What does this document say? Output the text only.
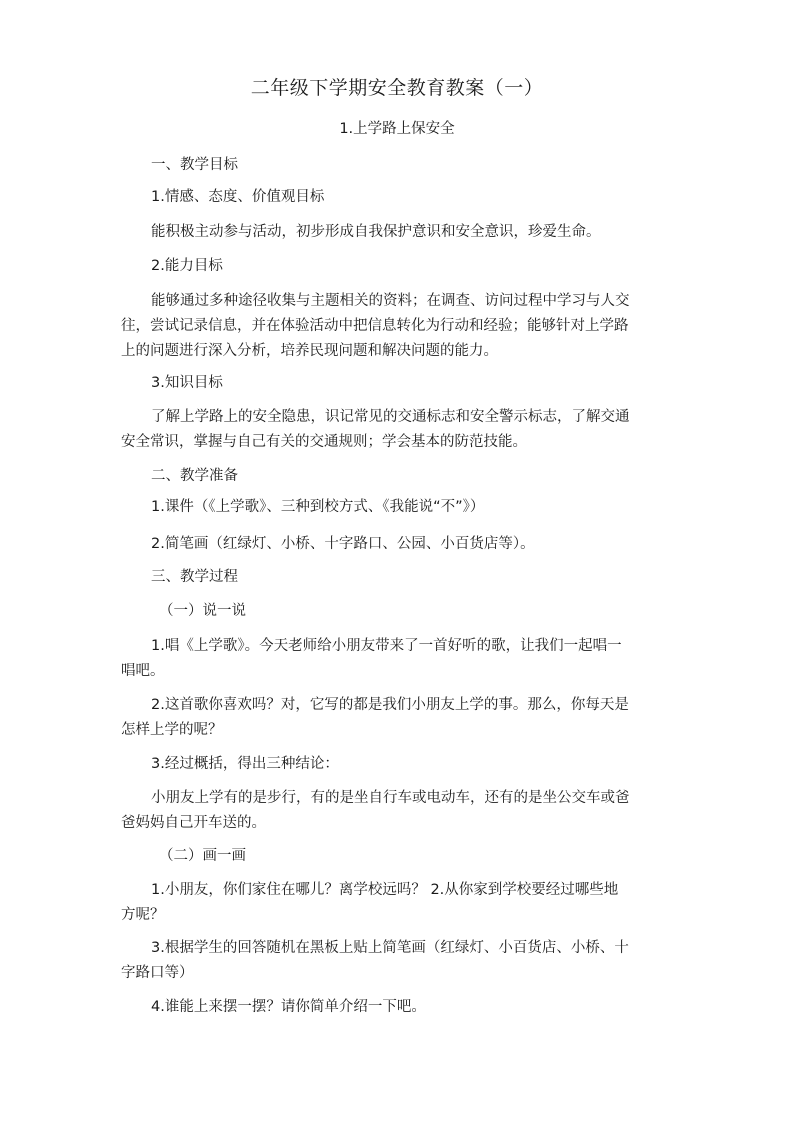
二年级下学期安全教育教案（一）
1.上学路上保安全
一、教学目标
1.情感、态度、价值观目标
能积极主动参与活动，初步形成自我保护意识和安全意识，珍爱生命。
2.能力目标
能够通过多种途径收集与主题相关的资料；在调查、访问过程中学习与人交
往，尝试记录信息，并在体验活动中把信息转化为行动和经验；能够针对上学路
上的问题进行深入分析，培养民现问题和解决问题的能力。
3.知识目标
了解上学路上的安全隐患，识记常见的交通标志和安全警示标志，了解交通
安全常识，掌握与自己有关的交通规则；学会基本的防范技能。
二、教学准备
1.课件（《上学歌》、三种到校方式、《我能说“不”》）
2.简笔画（红绿灯、小桥、十字路口、公园、小百货店等）。
三、教学过程
（一）说一说
1.唱《上学歌》。今天老师给小朋友带来了一首好听的歌，让我们一起唱一
唱吧。
2.这首歌你喜欢吗？对，它写的都是我们小朋友上学的事。那么，你每天是
怎样上学的呢？
3.经过概括，得出三种结论：
小朋友上学有的是步行，有的是坐自行车或电动车，还有的是坐公交车或爸
爸妈妈自己开车送的。
（二）画一画
1.小朋友，你们家住在哪儿？离学校远吗？ 2.从你家到学校要经过哪些地
方呢？
3.根据学生的回答随机在黑板上贴上简笔画（红绿灯、小百货店、小桥、十
字路口等）
4.谁能上来摆一摆？请你简单介绍一下吧。
